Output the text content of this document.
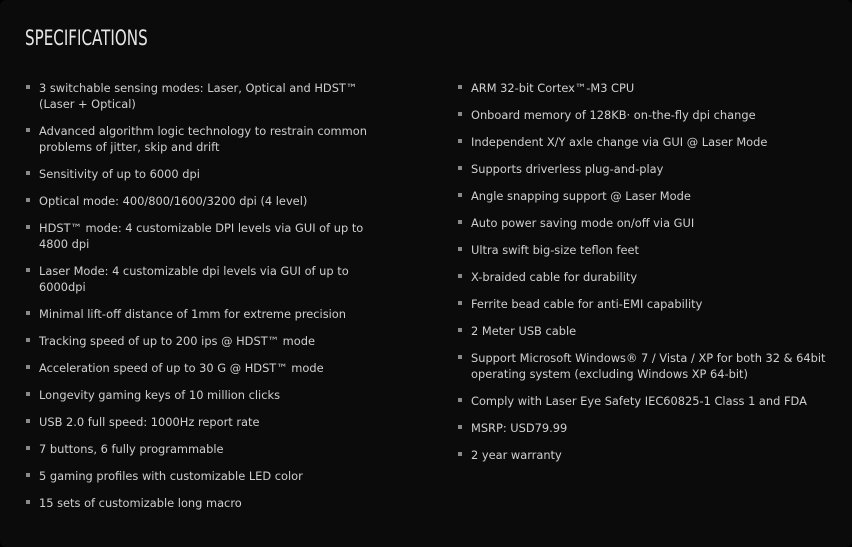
SPECIFICATIONS
3 switchable sensing modes: Laser, Optical and HDST™ (Laser + Optical)
Advanced algorithm logic technology to restrain common problems of jitter, skip and drift
Sensitivity of up to 6000 dpi
Optical mode: 400/800/1600/3200 dpi (4 level)
HDST™ mode: 4 customizable DPI levels via GUI of up to 4800 dpi
Laser Mode: 4 customizable dpi levels via GUI of up to 6000dpi
Minimal lift-off distance of 1mm for extreme precision
Tracking speed of up to 200 ips @ HDST™ mode
Acceleration speed of up to 30 G @ HDST™ mode
Longevity gaming keys of 10 million clicks
USB 2.0 full speed: 1000Hz report rate
7 buttons, 6 fully programmable
5 gaming profiles with customizable LED color
15 sets of customizable long macro
ARM 32-bit Cortex™-M3 CPU
Onboard memory of 128KB· on-the-fly dpi change
Independent X/Y axle change via GUI @ Laser Mode
Supports driverless plug-and-play
Angle snapping support @ Laser Mode
Auto power saving mode on/off via GUI
Ultra swift big-size teflon feet
X-braided cable for durability
Ferrite bead cable for anti-EMI capability
2 Meter USB cable
Support Microsoft Windows® 7 / Vista / XP for both 32 & 64bit operating system (excluding Windows XP 64-bit)
Comply with Laser Eye Safety IEC60825-1 Class 1 and FDA
MSRP: USD79.99
2 year warranty
